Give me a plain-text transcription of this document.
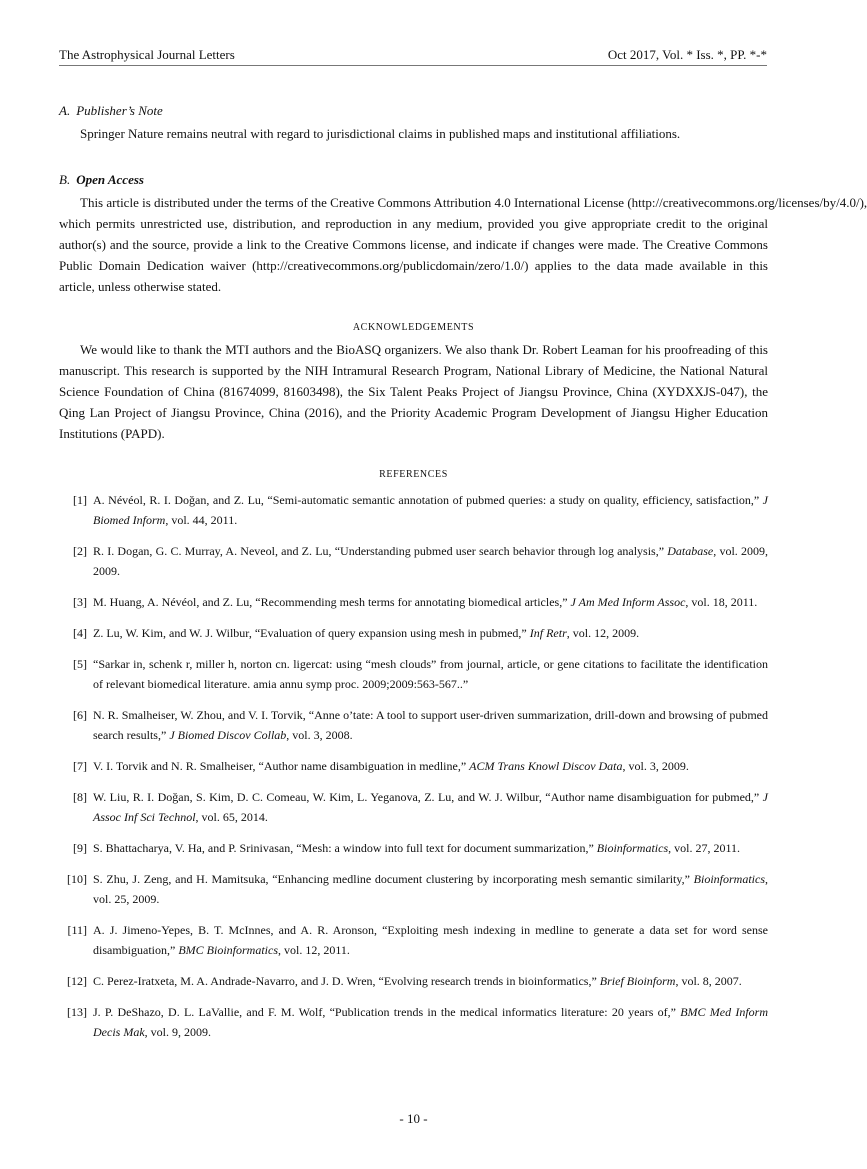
The Astrophysical Journal Letters	Oct 2017, Vol. * Iss. *, PP. *-*

A. Publisher’s Note

Springer Nature remains neutral with regard to jurisdictional claims in published maps and institutional affiliations.

B. Open Access

This article is distributed under the terms of the Creative Commons Attribution 4.0 International License (http://creativecommons.org/licenses/by/4.0/),
which permits unrestricted use, distribution, and reproduction in any medium, provided you give appropriate credit to the original author(s) and the source, provide a link to the Creative Commons license, and indicate if changes were made. The Creative Commons Public Domain Dedication waiver (http://creativecommons.org/publicdomain/zero/1.0/) applies to the data made available in this article, unless otherwise stated.

ACKNOWLEDGEMENTS

We would like to thank the MTI authors and the BioASQ organizers. We also thank Dr. Robert Leaman for his proofreading of this manuscript. This research is supported by the NIH Intramural Research Program, National Library of Medicine, the National Natural Science Foundation of China (81674099, 81603498), the Six Talent Peaks Project of Jiangsu Province, China (XYDXXJS-047), the Qing Lan Project of Jiangsu Province, China (2016), and the Priority Academic Program Development of Jiangsu Higher Education Institutions (PAPD).

REFERENCES

[1] A. Névéol, R. I. Doğan, and Z. Lu, “Semi-automatic semantic annotation of pubmed queries: a study on quality, efficiency, satisfaction,” J Biomed Inform, vol. 44, 2011.
[2] R. I. Dogan, G. C. Murray, A. Neveol, and Z. Lu, “Understanding pubmed user search behavior through log analysis,” Database, vol. 2009, 2009.
[3] M. Huang, A. Névéol, and Z. Lu, “Recommending mesh terms for annotating biomedical articles,” J Am Med Inform Assoc, vol. 18, 2011.
[4] Z. Lu, W. Kim, and W. J. Wilbur, “Evaluation of query expansion using mesh in pubmed,” Inf Retr, vol. 12, 2009.
[5] “Sarkar in, schenk r, miller h, norton cn. ligercat: using “mesh clouds” from journal, article, or gene citations to facilitate the identification of relevant biomedical literature. amia annu symp proc. 2009;2009:563-567..”
[6] N. R. Smalheiser, W. Zhou, and V. I. Torvik, “Anne o’tate: A tool to support user-driven summarization, drill-down and browsing of pubmed search results,” J Biomed Discov Collab, vol. 3, 2008.
[7] V. I. Torvik and N. R. Smalheiser, “Author name disambiguation in medline,” ACM Trans Knowl Discov Data, vol. 3, 2009.
[8] W. Liu, R. I. Doğan, S. Kim, D. C. Comeau, W. Kim, L. Yeganova, Z. Lu, and W. J. Wilbur, “Author name disambiguation for pubmed,” J Assoc Inf Sci Technol, vol. 65, 2014.
[9] S. Bhattacharya, V. Ha, and P. Srinivasan, “Mesh: a window into full text for document summarization,” Bioinformatics, vol. 27, 2011.
[10] S. Zhu, J. Zeng, and H. Mamitsuka, “Enhancing medline document clustering by incorporating mesh semantic similarity,” Bioinformatics, vol. 25, 2009.
[11] A. J. Jimeno-Yepes, B. T. McInnes, and A. R. Aronson, “Exploiting mesh indexing in medline to generate a data set for word sense disambiguation,” BMC Bioinformatics, vol. 12, 2011.
[12] C. Perez-Iratxeta, M. A. Andrade-Navarro, and J. D. Wren, “Evolving research trends in bioinformatics,” Brief Bioinform, vol. 8, 2007.
[13] J. P. DeShazo, D. L. LaVallie, and F. M. Wolf, “Publication trends in the medical informatics literature: 20 years of,” BMC Med Inform Decis Mak, vol. 9, 2009.
- 10 -
